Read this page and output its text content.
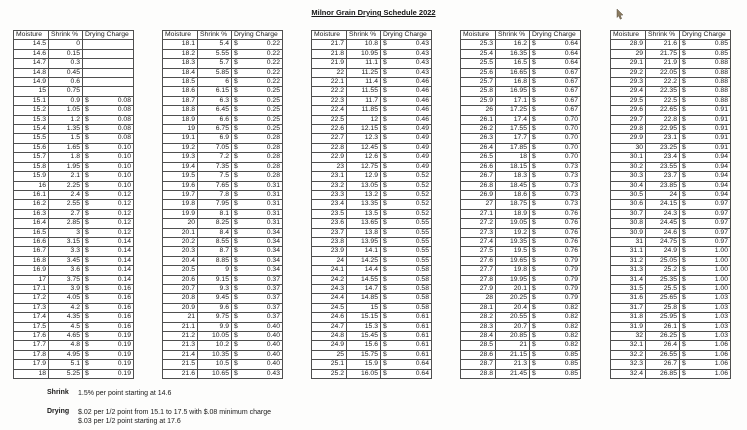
Milnor Grain Drying Schedule 2022
Moisture	Shrink %	Drying Charge
14.5	0	
14.6	0.15	
14.7	0.3	
14.8	0.45	
14.9	0.6	
15	0.75	
15.1	0.9	$ 0.08

15.2	1.05	$ 0.08

15.3	1.2	$ 0.08

15.4	1.35	$ 0.08

15.5	1.5	$ 0.08

15.6	1.65	$ 0.10

15.7	1.8	$ 0.10

15.8	1.95	$ 0.10

15.9	2.1	$ 0.10

16	2.25	$ 0.10

16.1	2.4	$ 0.12

16.2	2.55	$ 0.12

16.3	2.7	$ 0.12

16.4	2.85	$ 0.12

16.5	3	$ 0.12

16.6	3.15	$ 0.14

16.7	3.3	$ 0.14

16.8	3.45	$ 0.14

16.9	3.6	$ 0.14

17	3.75	$ 0.14

17.1	3.9	$ 0.16

17.2	4.05	$ 0.16

17.3	4.2	$ 0.16

17.4	4.35	$ 0.16

17.5	4.5	$ 0.16

17.6	4.65	$ 0.19

17.7	4.8	$ 0.19

17.8	4.95	$ 0.19

17.9	5.1	$ 0.19

18	5.25	$ 0.19
Moisture	Shrink %	Drying Charge
18.1	5.4	$ 0.22

18.2	5.55	$ 0.22

18.3	5.7	$ 0.22

18.4	5.85	$ 0.22

18.5	6	$ 0.22

18.6	6.15	$ 0.25

18.7	6.3	$ 0.25

18.8	6.45	$ 0.25

18.9	6.6	$ 0.25

19	6.75	$ 0.25

19.1	6.9	$ 0.28

19.2	7.05	$ 0.28

19.3	7.2	$ 0.28

19.4	7.35	$ 0.28

19.5	7.5	$ 0.28

19.6	7.65	$ 0.31

19.7	7.8	$ 0.31

19.8	7.95	$ 0.31

19.9	8.1	$ 0.31

20	8.25	$ 0.31

20.1	8.4	$ 0.34

20.2	8.55	$ 0.34

20.3	8.7	$ 0.34

20.4	8.85	$ 0.34

20.5	9	$ 0.34

20.6	9.15	$ 0.37

20.7	9.3	$ 0.37

20.8	9.45	$ 0.37

20.9	9.6	$ 0.37

21	9.75	$ 0.37

21.1	9.9	$ 0.40

21.2	10.05	$ 0.40

21.3	10.2	$ 0.40

21.4	10.35	$ 0.40

21.5	10.5	$ 0.40

21.6	10.65	$ 0.43
Moisture	Shrink %	Drying Charge
21.7	10.8	$ 0.43

21.8	10.95	$ 0.43

21.9	11.1	$ 0.43

22	11.25	$ 0.43

22.1	11.4	$ 0.46

22.2	11.55	$ 0.46

22.3	11.7	$ 0.46

22.4	11.85	$ 0.46

22.5	12	$ 0.46

22.6	12.15	$ 0.49

22.7	12.3	$ 0.49

22.8	12.45	$ 0.49

22.9	12.6	$ 0.49

23	12.75	$ 0.49

23.1	12.9	$ 0.52

23.2	13.05	$ 0.52

23.3	13.2	$ 0.52

23.4	13.35	$ 0.52

23.5	13.5	$ 0.52

23.6	13.65	$ 0.55

23.7	13.8	$ 0.55

23.8	13.95	$ 0.55

23.9	14.1	$ 0.55

24	14.25	$ 0.55

24.1	14.4	$ 0.58

24.2	14.55	$ 0.58

24.3	14.7	$ 0.58

24.4	14.85	$ 0.58

24.5	15	$ 0.58

24.6	15.15	$ 0.61

24.7	15.3	$ 0.61

24.8	15.45	$ 0.61

24.9	15.6	$ 0.61

25	15.75	$ 0.61

25.1	15.9	$ 0.64

25.2	16.05	$ 0.64
Moisture	Shrink %	Drying Charge
25.3	16.2	$ 0.64

25.4	16.35	$ 0.64

25.5	16.5	$ 0.64

25.6	16.65	$ 0.67

25.7	16.8	$ 0.67

25.8	16.95	$ 0.67

25.9	17.1	$ 0.67

26	17.25	$ 0.67

26.1	17.4	$ 0.70

26.2	17.55	$ 0.70

26.3	17.7	$ 0.70

26.4	17.85	$ 0.70

26.5	18	$ 0.70

26.6	18.15	$ 0.73

26.7	18.3	$ 0.73

26.8	18.45	$ 0.73

26.9	18.6	$ 0.73

27	18.75	$ 0.73

27.1	18.9	$ 0.76

27.2	19.05	$ 0.76

27.3	19.2	$ 0.76

27.4	19.35	$ 0.76

27.5	19.5	$ 0.76

27.6	19.65	$ 0.79

27.7	19.8	$ 0.79

27.8	19.95	$ 0.79

27.9	20.1	$ 0.79

28	20.25	$ 0.79

28.1	20.4	$ 0.82

28.2	20.55	$ 0.82

28.3	20.7	$ 0.82

28.4	20.85	$ 0.82

28.5	21	$ 0.82

28.6	21.15	$ 0.85

28.7	21.3	$ 0.85

28.8	21.45	$ 0.85
Moisture	Shrink %	Drying Charge
28.9	21.6	$ 0.85

29	21.75	$ 0.85

29.1	21.9	$ 0.88

29.2	22.05	$ 0.88

29.3	22.2	$ 0.88

29.4	22.35	$ 0.88

29.5	22.5	$ 0.88

29.6	22.65	$ 0.91

29.7	22.8	$ 0.91

29.8	22.95	$ 0.91

29.9	23.1	$ 0.91

30	23.25	$ 0.91

30.1	23.4	$ 0.94

30.2	23.55	$ 0.94

30.3	23.7	$ 0.94

30.4	23.85	$ 0.94

30.5	24	$ 0.94

30.6	24.15	$ 0.97

30.7	24.3	$ 0.97

30.8	24.45	$ 0.97

30.9	24.6	$ 0.97

31	24.75	$ 0.97

31.1	24.9	$ 1.00

31.2	25.05	$ 1.00

31.3	25.2	$ 1.00

31.4	25.35	$ 1.00

31.5	25.5	$ 1.00

31.6	25.65	$ 1.03

31.7	25.8	$ 1.03

31.8	25.95	$ 1.03

31.9	26.1	$ 1.03

32	26.25	$ 1.03

32.1	26.4	$ 1.06

32.2	26.55	$ 1.06

32.3	26.7	$ 1.06

32.4	26.85	$ 1.06
Shrink	1.5% per point starting at 14.6
Drying	$.02 per 1/2 point from 15.1 to 17.5 with $.08 minimum charge
$.03 per 1/2 point starting at 17.6
